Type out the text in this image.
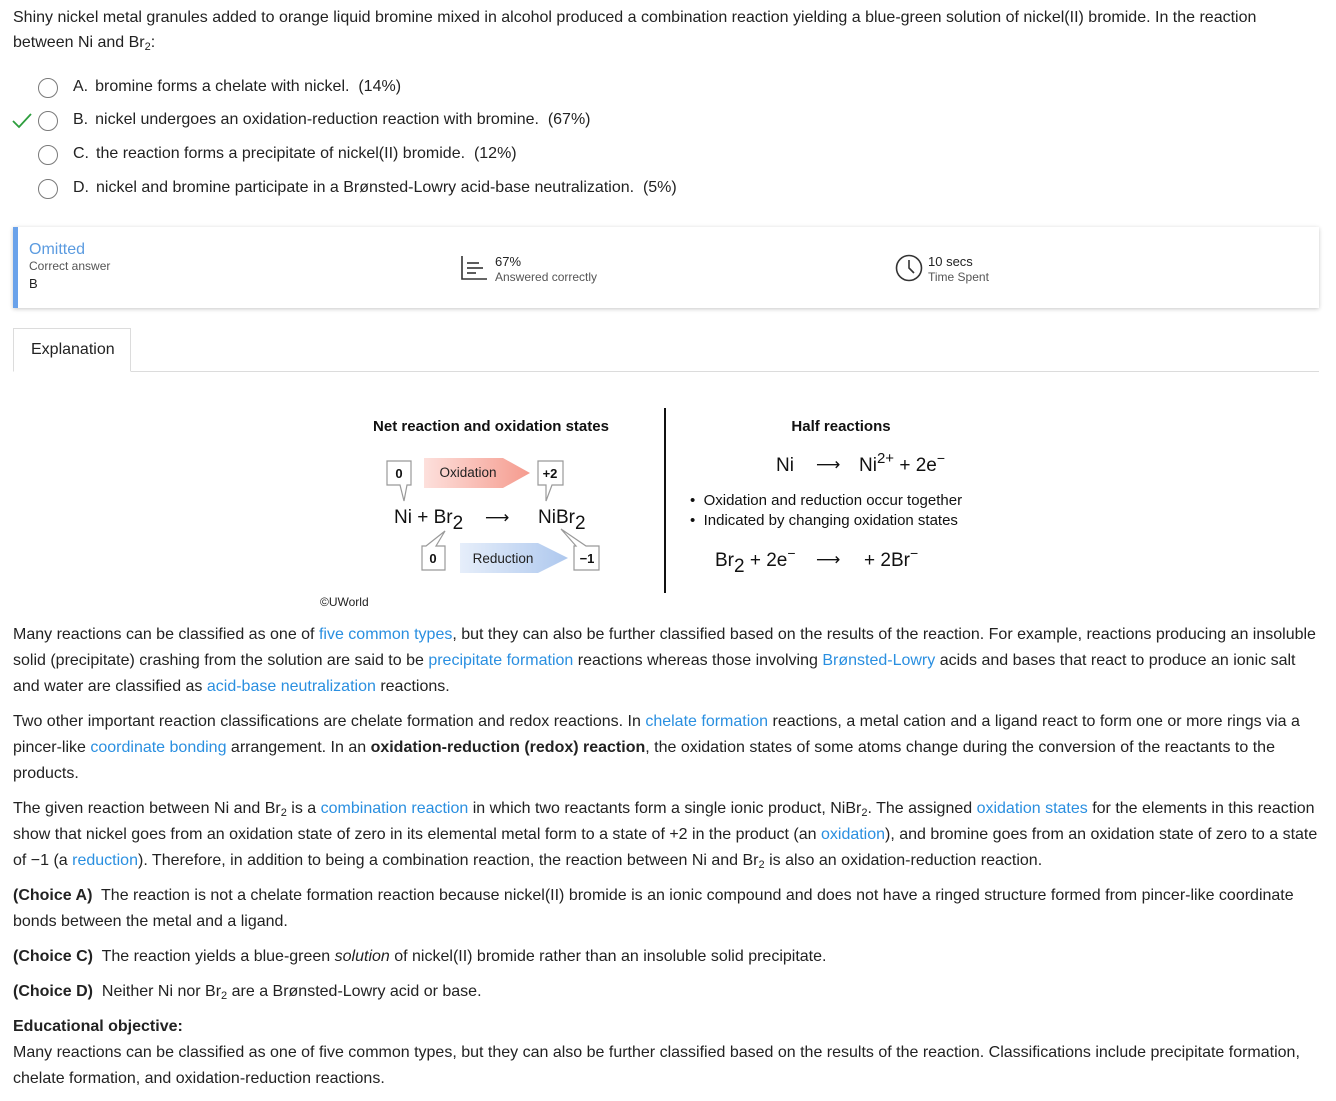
Shiny nickel metal granules added to orange liquid bromine mixed in alcohol produced a combination reaction yielding a blue-green solution of nickel(II) bromide. In the reaction between Ni and $Br_2$:
A. bromine forms a chelate with nickel. (14%)
B. nickel undergoes an oxidation-reduction reaction with bromine. (67%)
C. the reaction forms a precipitate of nickel(II) bromide. (12%)
D. nickel and bromine participate in a Brønsted-Lowry acid-base neutralization. (5%)
Omitted
Correct answer
B
67%
Answered correctly
10 secs
Time Spent
Explanation
Net reaction and oxidation states
Oxidation
Reduction
0	+2
0	−1
Ni + Br2 ⟶ NiBr2
Half reactions
Ni ⟶ $Ni^{2+} + 2e^-$
•  Oxidation and reduction occur together
•  Indicated by changing oxidation states
Br2 + 2e− ⟶ + 2Br−
©UWorld

Many reactions can be classified as one of five common types, but they can also be further classified based on the results of the reaction. For example, reactions producing an insoluble solid (precipitate) crashing from the solution are said to be precipitate formation reactions whereas those involving Brønsted-Lowry acids and bases that react to produce an ionic salt and water are classified as acid-base neutralization reactions.

Two other important reaction classifications are chelate formation and redox reactions. In chelate formation reactions, a metal cation and a ligand react to form one or more rings via a pincer-like coordinate bonding arrangement. In an oxidation-reduction (redox) reaction, the oxidation states of some atoms change during the conversion of the reactants to the products.

The given reaction between Ni and $Br_2$ is a combination reaction in which two reactants form a single ionic product, NiBr$_2$. The assigned oxidation states for the elements in this reaction show that nickel goes from an oxidation state of zero in its elemental metal form to a state of +2 in the product (an oxidation), and bromine goes from an oxidation state of zero to a state of −1 (a reduction). Therefore, in addition to being a combination reaction, the reaction between Ni and $Br_2$ is also an oxidation-reduction reaction.

(Choice A) The reaction is not a chelate formation reaction because nickel(II) bromide is an ionic compound and does not have a ringed structure formed from pincer-like coordinate bonds between the metal and a ligand.

(Choice C) The reaction yields a blue-green solution of nickel(II) bromide rather than an insoluble solid precipitate.

(Choice D) Neither Ni nor $Br_2$ are a Brønsted-Lowry acid or base.

Educational objective:
Many reactions can be classified as one of five common types, but they can also be further classified based on the results of the reaction. Classifications include precipitate formation, chelate formation, and oxidation-reduction reactions.
